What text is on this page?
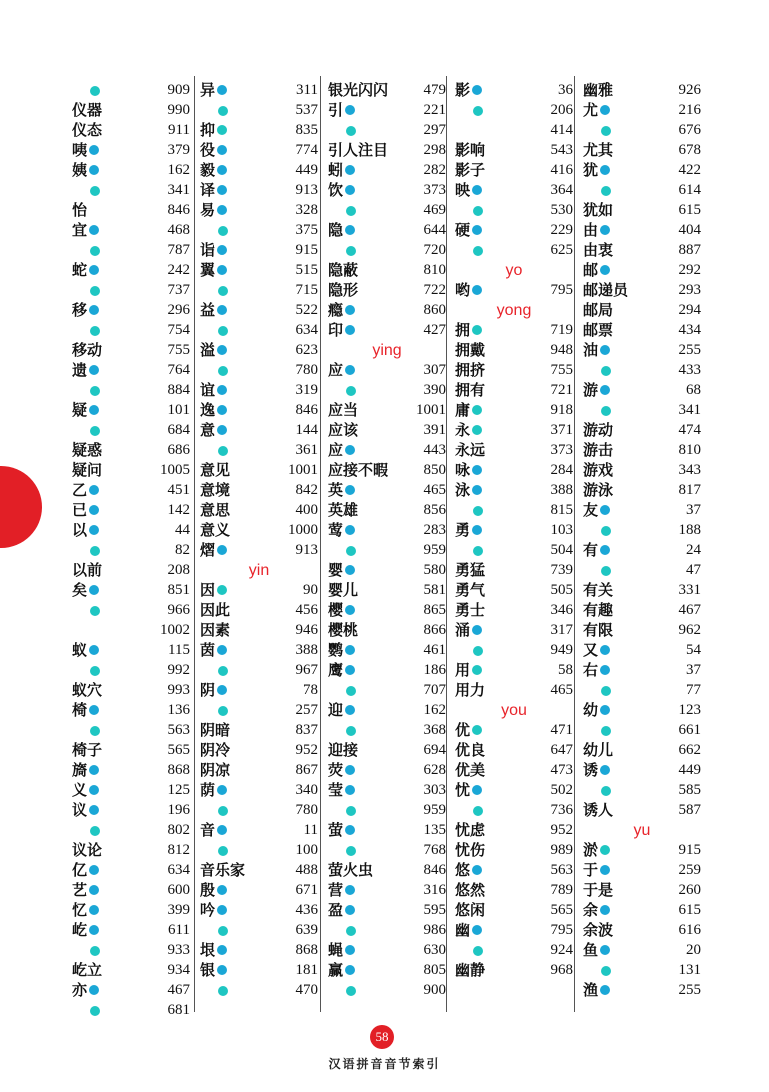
909
仪器	990
仪态	911
咦	379
姨	162
341
怡	846
宜	468
787
蛇	242
737
移	296
754
移动	755
遗	764
884
疑	101
684
疑惑	686
疑问	1005
乙	451
已	142
以	44
82
以前	208
矣	851
966
1002
蚁	115
992
蚁穴	993
椅	136
563
椅子	565
旖	868
义	125
议	196
802
议论	812
亿	634
艺	600
忆	399
屹	611
933
屹立	934
亦	467
681
异	311
537
抑	835
役	774
毅	449
译	913
易	328
375
诣	915
翼	515
715
益	522
634
溢	623
780
谊	319
逸	846
意	144
361
意见	1001
意境	842
意思	400
意义	1000
熠	913
yin
因	90
因此	456
因素	946
茵	388
967
阴	78
257
阴暗	837
阴冷	952
阴凉	867
荫	340
780
音	11
100
音乐家	488
殷	671
吟	436
639
垠	868
银	181
470
银光闪闪 479
引	221
297
引人注目 298
蚓	282
饮	373
469
隐	644
720
隐蔽	810
隐形	722
瘾	860
印	427
ying
应	307
390
应当	1001
应该	391
应	443
应接不暇 850
英	465
英雄	856
莺	283
959
婴	580
婴儿	581
樱	865
樱桃	866
鹦	461
鹰	186
707
迎	162
368
迎接	694
荧	628
莹	303
959
萤	135
768
萤火虫	846
营	316
盈	595
986
蝇	630
赢	805
900
影	36
206
414
影响	543
影子	416
映	364
530
硬	229
625
yo
哟	795
yong
拥	719
拥戴	948
拥挤	755
拥有	721
庸	918
永	371
永远	373
咏	284
泳	388
815
勇	103
504
勇猛	739
勇气	505
勇士	346
涌	317
949
用	58
用力	465
you
优	471
优良	647
优美	473
忧	502
736
忧虑	952
忧伤	989
悠	563
悠然	789
悠闲	565
幽	795
924
幽静	968
幽雅	926
尤	216
676
尤其	678
犹	422
614
犹如	615
由	404
由衷	887
邮	292
邮递员	293
邮局	294
邮票	434
油	255
433
游	68
341
游动	474
游击	810
游戏	343
游泳	817
友	37
188
有	24
47
有关	331
有趣	467
有限	962
又	54
右	37
77
幼	123
661
幼儿	662
诱	449
585
诱人	587
yu
淤	915
于	259
于是	260
余	615
余波	616
鱼	20
131
渔	255
58
汉语拼音音节索引
